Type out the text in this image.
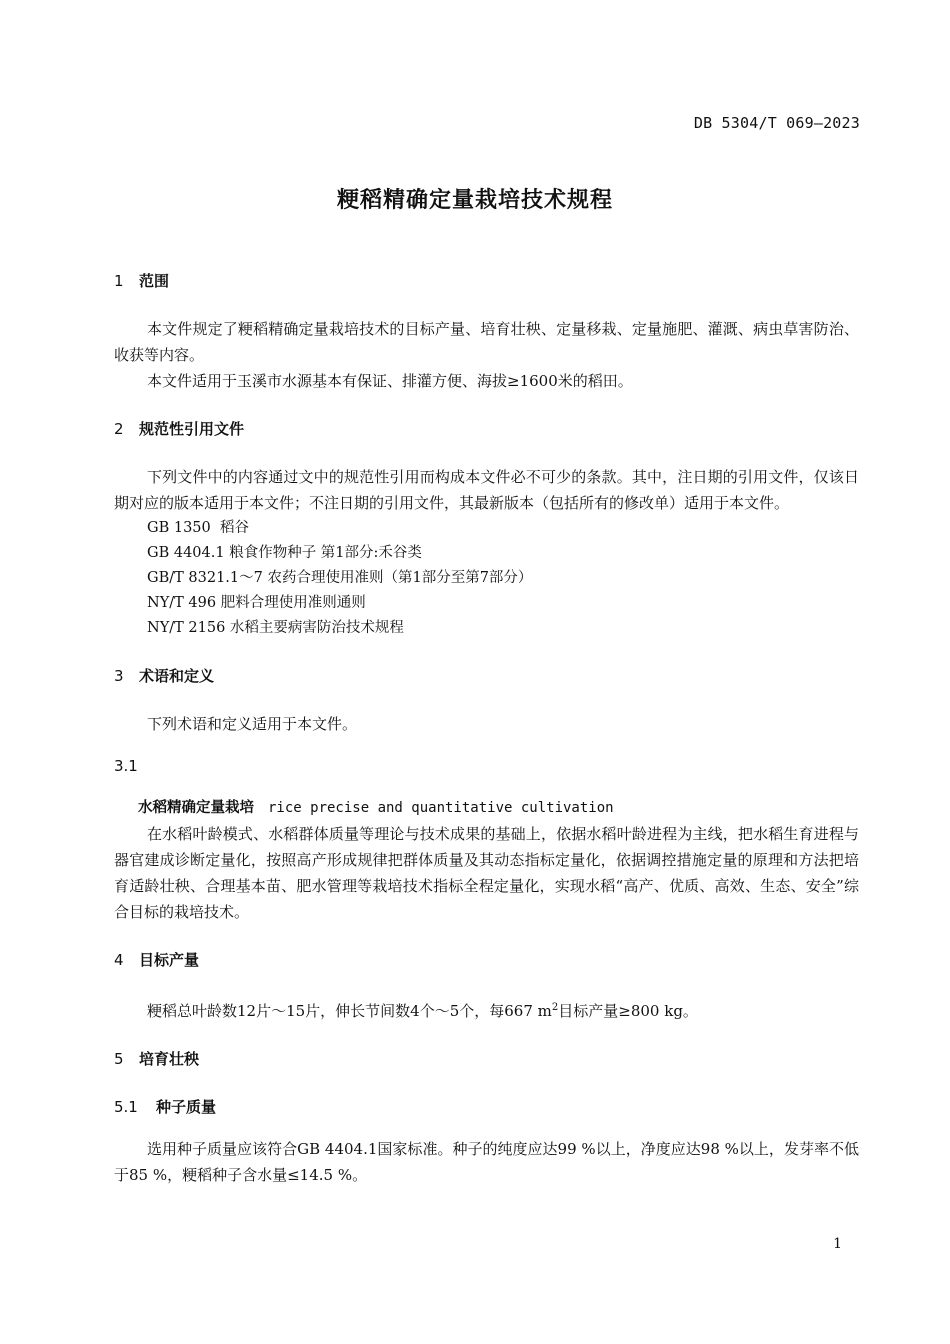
DB 5304/T 069—2023
粳稻精确定量栽培技术规程
1 范围
本文件规定了粳稻精确定量栽培技术的目标产量、培育壮秧、定量移栽、定量施肥、灌溉、病虫草害防治、收获等内容。
本文件适用于玉溪市水源基本有保证、排灌方便、海拔≥1600米的稻田。
2 规范性引用文件
下列文件中的内容通过文中的规范性引用而构成本文件必不可少的条款。其中，注日期的引用文件，仅该日期对应的版本适用于本文件；不注日期的引用文件，其最新版本（包括所有的修改单）适用于本文件。
GB 1350  稻谷
GB 4404.1 粮食作物种子 第1部分:禾谷类
GB/T 8321.1～7 农药合理使用准则（第1部分至第7部分）
NY/T 496 肥料合理使用准则通则
NY/T 2156 水稻主要病害防治技术规程
3 术语和定义
下列术语和定义适用于本文件。
3.1
水稻精确定量栽培 rice precise and quantitative cultivation
在水稻叶龄模式、水稻群体质量等理论与技术成果的基础上，依据水稻叶龄进程为主线，把水稻生育进程与器官建成诊断定量化，按照高产形成规律把群体质量及其动态指标定量化，依据调控措施定量的原理和方法把培育适龄壮秧、合理基本苗、肥水管理等栽培技术指标全程定量化，实现水稻“高产、优质、高效、生态、安全”综合目标的栽培技术。
4 目标产量
粳稻总叶龄数12片～15片，伸长节间数4个～5个，每667 $m^2$目标产量≥800 kg。
5 培育壮秧
5.1 种子质量
选用种子质量应该符合GB 4404.1国家标准。种子的纯度应达99 %以上，净度应达98 %以上，发芽率不低于85 %，粳稻种子含水量≤14.5 %。
1
